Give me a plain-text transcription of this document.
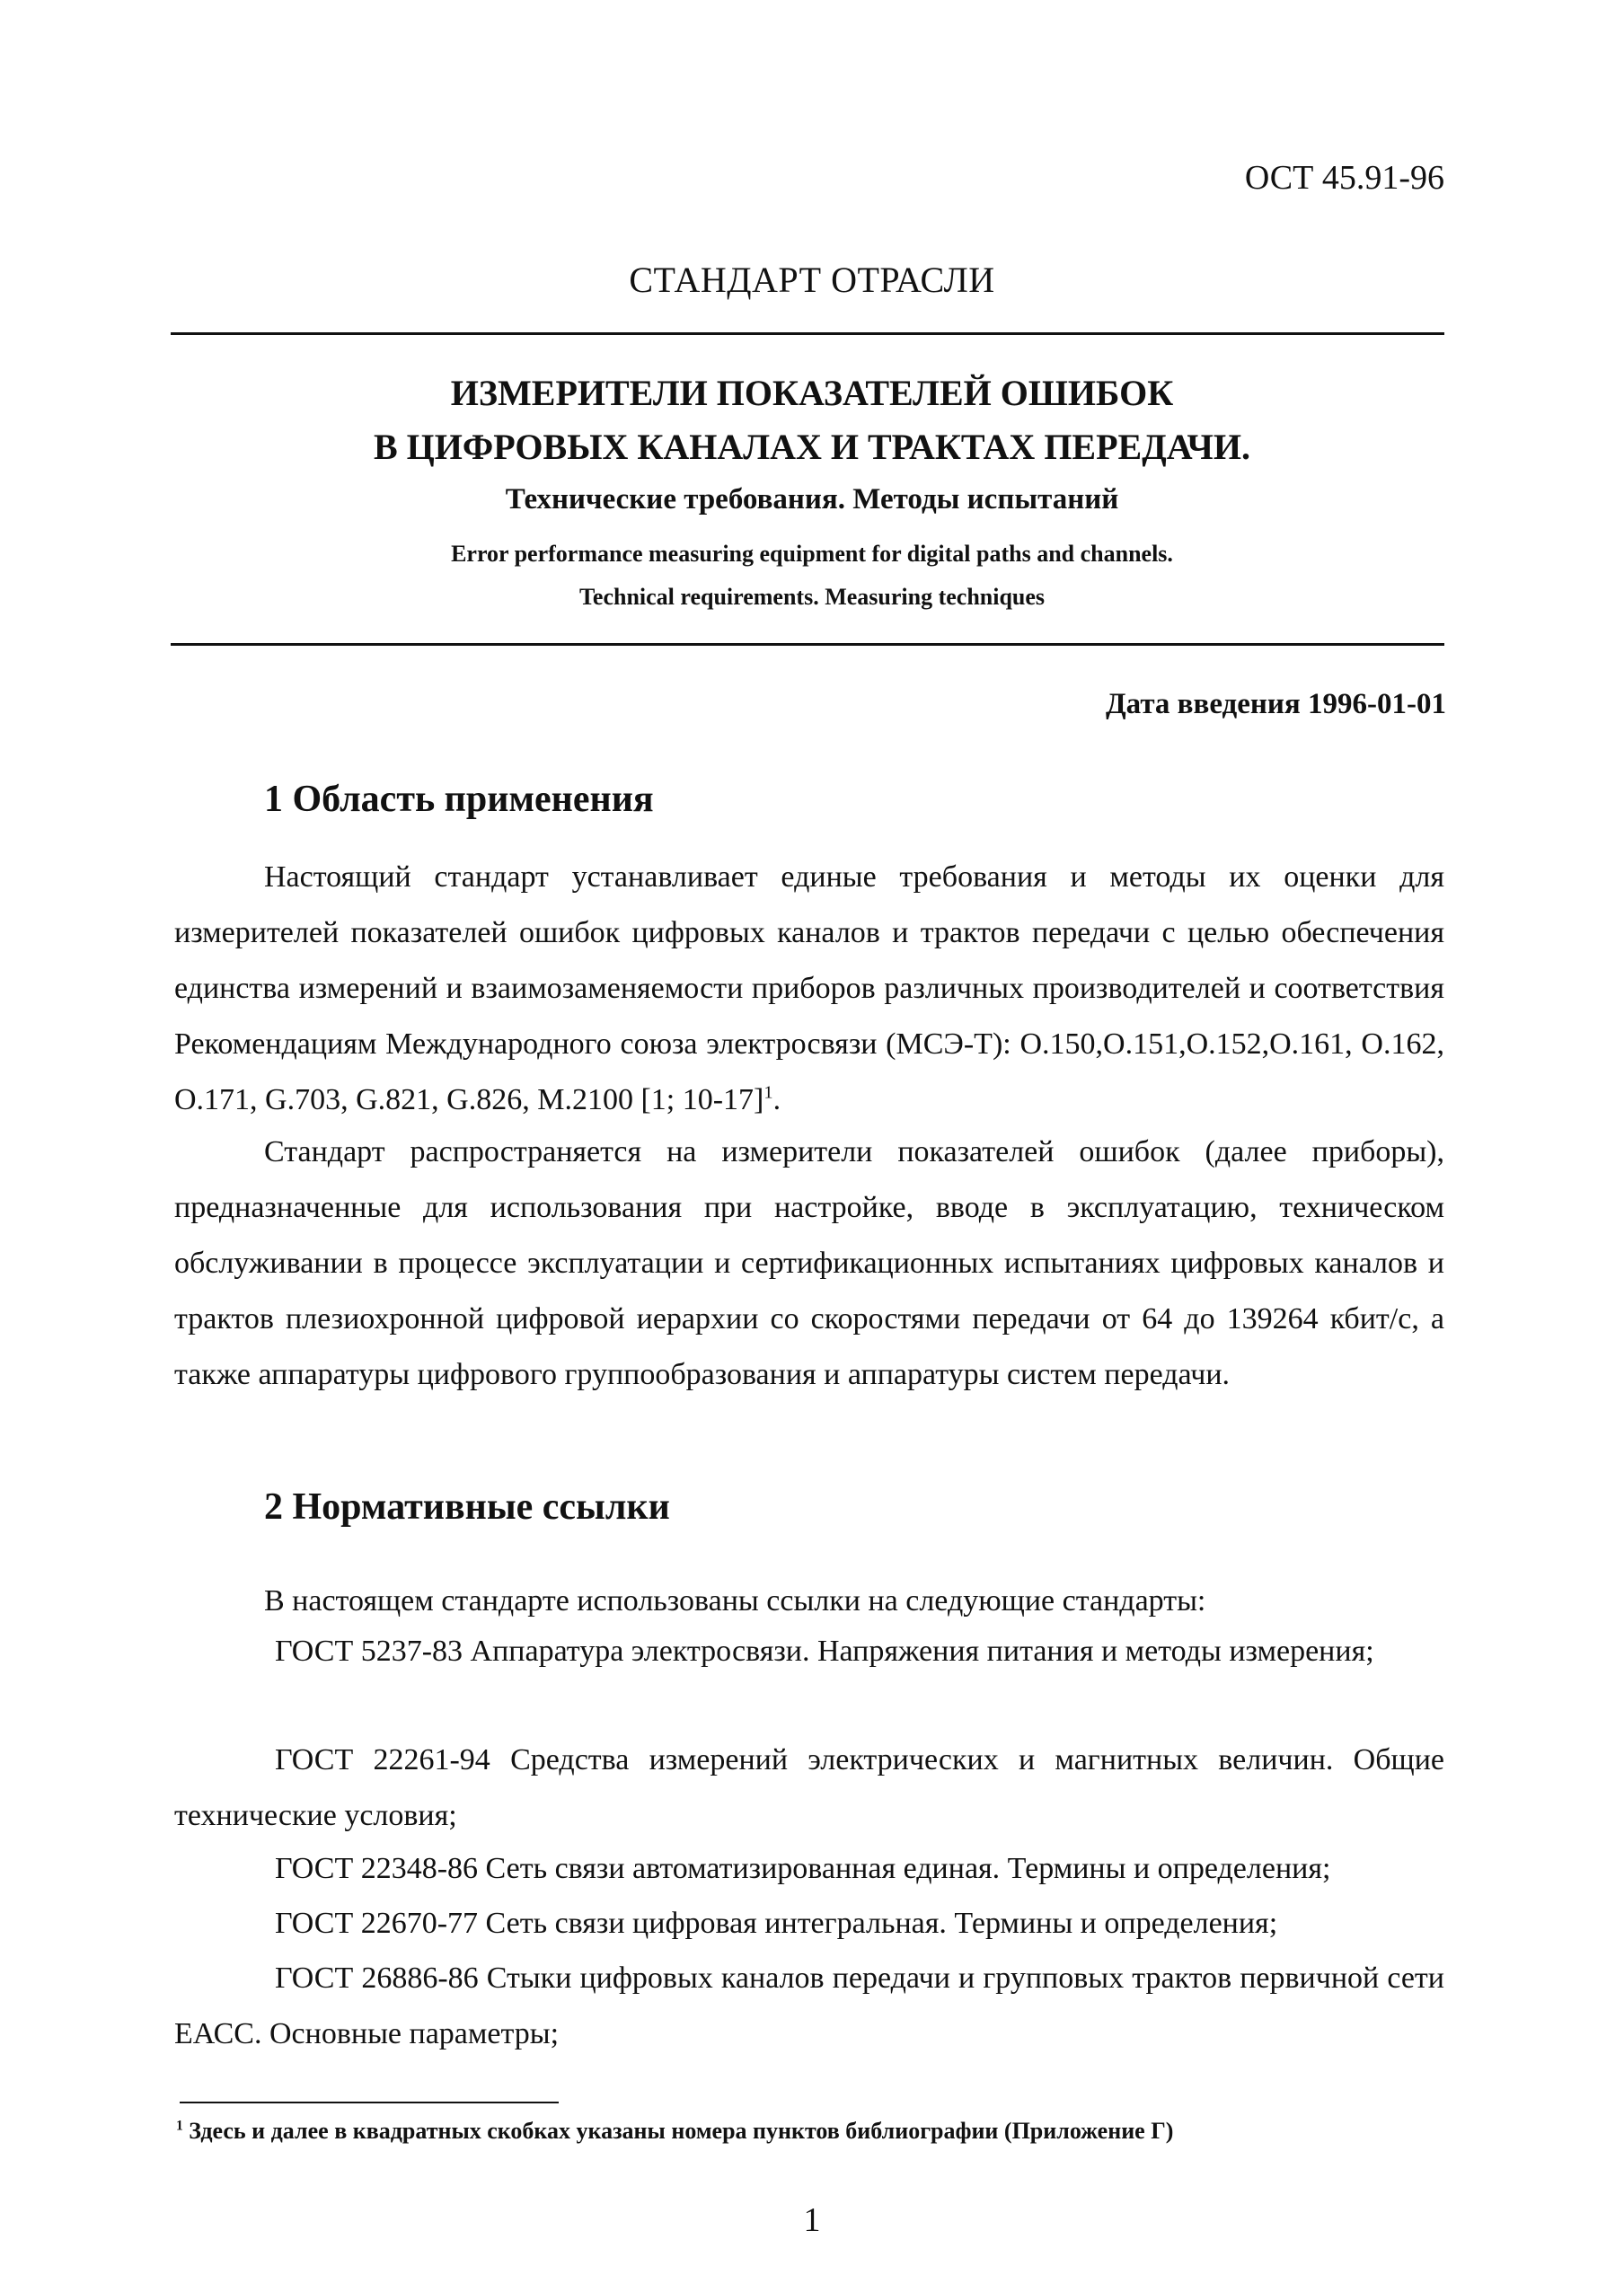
ОСТ 45.91-96
СТАНДАРТ ОТРАСЛИ
ИЗМЕРИТЕЛИ ПОКАЗАТЕЛЕЙ ОШИБОК
В ЦИФРОВЫХ КАНАЛАХ И ТРАКТАХ ПЕРЕДАЧИ.
Технические требования. Методы испытаний
Error performance measuring equipment for digital paths and channels.
Technical requirements. Measuring techniques
Дата введения 1996-01-01
1 Область применения
Настоящий стандарт устанавливает единые требования и методы их оценки для измерителей показателей ошибок цифровых каналов и трактов передачи с целью обеспечения единства измерений и взаимозаменяемости приборов различных производителей и соответствия Рекомендациям Международного союза электросвязи (МСЭ-Т): О.150,О.151,О.152,О.161, О.162, О.171, G.703, G.821, G.826, M.2100 [1; 10-17]$^1$.
Стандарт распространяется на измерители показателей ошибок (далее приборы), предназначенные для использования при настройке, вводе в эксплуатацию, техническом обслуживании в процессе эксплуатации и сертификационных испытаниях цифровых каналов и трактов плезиохронной цифровой иерархии со скоростями передачи от 64 до 139264 кбит/с, а также аппаратуры цифрового группообразования и аппаратуры систем передачи.
2 Нормативные ссылки
В настоящем стандарте использованы ссылки на следующие стандарты:
ГОСТ 5237-83 Аппаратура электросвязи. Напряжения питания и методы измерения;
ГОСТ 22261-94 Средства измерений электрических и магнитных величин. Общие технические условия;
ГОСТ 22348-86 Сеть связи автоматизированная единая. Термины и определения;
ГОСТ 22670-77 Сеть связи цифровая интегральная. Термины и определения;
ГОСТ 26886-86 Стыки цифровых каналов передачи и групповых трактов первичной сети ЕАСС. Основные параметры;
$^1$ Здесь и далее в квадратных скобках указаны номера пунктов библиографии (Приложение Г)
1
